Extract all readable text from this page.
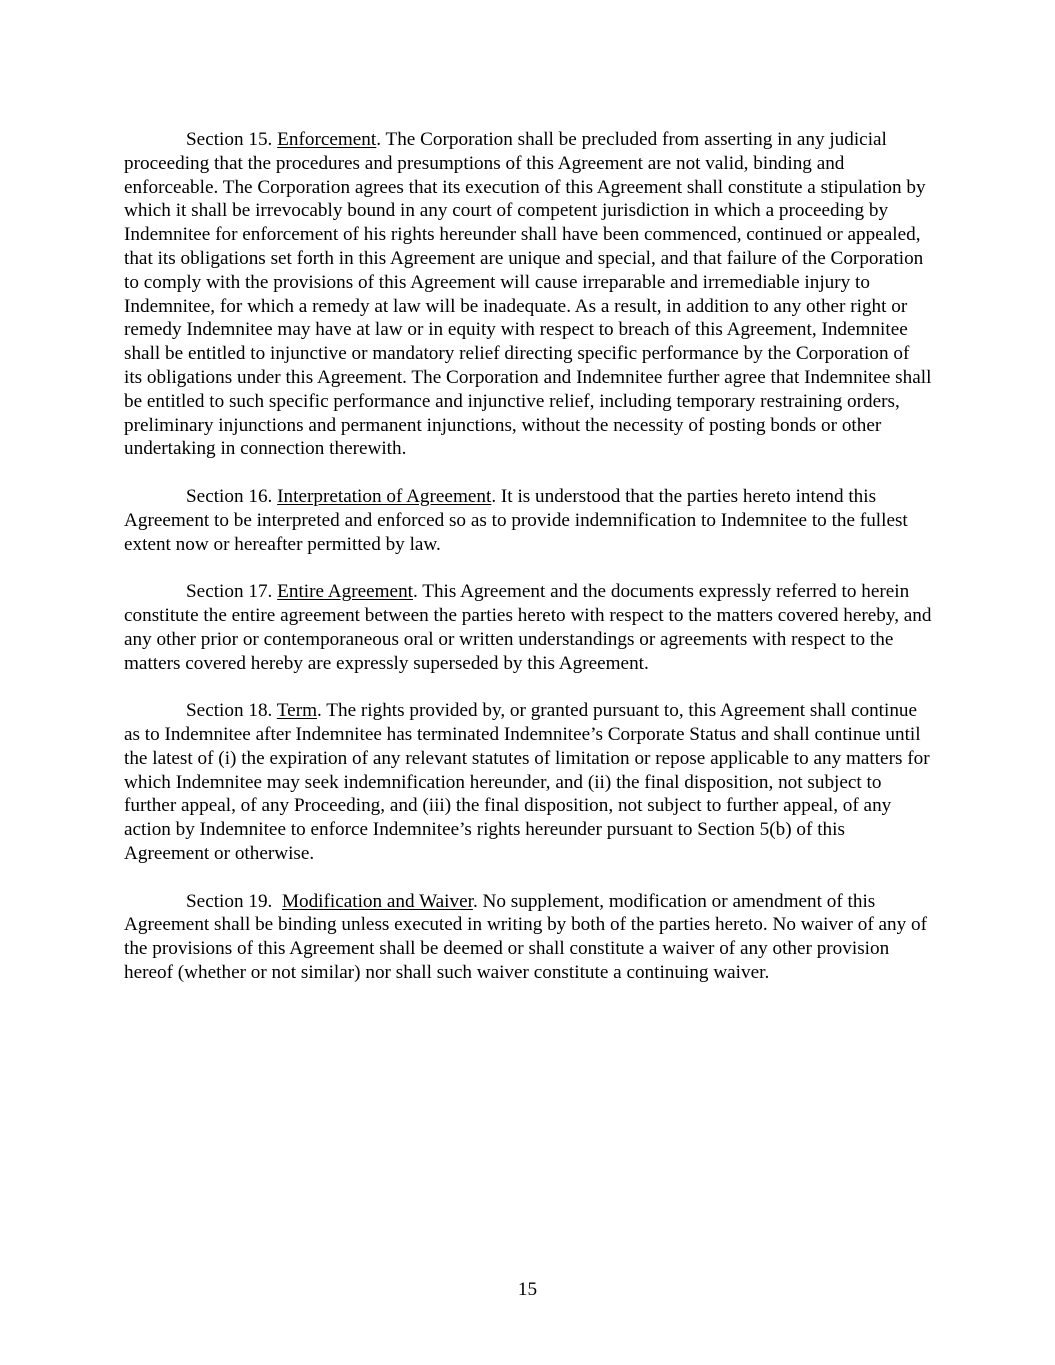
Section 15. Enforcement. The Corporation shall be precluded from asserting in any judicial proceeding that the procedures and presumptions of this Agreement are not valid, binding and enforceable. The Corporation agrees that its execution of this Agreement shall constitute a stipulation by which it shall be irrevocably bound in any court of competent jurisdiction in which a proceeding by Indemnitee for enforcement of his rights hereunder shall have been commenced, continued or appealed, that its obligations set forth in this Agreement are unique and special, and that failure of the Corporation to comply with the provisions of this Agreement will cause irreparable and irremediable injury to Indemnitee, for which a remedy at law will be inadequate. As a result, in addition to any other right or remedy Indemnitee may have at law or in equity with respect to breach of this Agreement, Indemnitee shall be entitled to injunctive or mandatory relief directing specific performance by the Corporation of its obligations under this Agreement. The Corporation and Indemnitee further agree that Indemnitee shall be entitled to such specific performance and injunctive relief, including temporary restraining orders, preliminary injunctions and permanent injunctions, without the necessity of posting bonds or other undertaking in connection therewith.

Section 16. Interpretation of Agreement. It is understood that the parties hereto intend this Agreement to be interpreted and enforced so as to provide indemnification to Indemnitee to the fullest extent now or hereafter permitted by law.

Section 17. Entire Agreement. This Agreement and the documents expressly referred to herein constitute the entire agreement between the parties hereto with respect to the matters covered hereby, and any other prior or contemporaneous oral or written understandings or agreements with respect to the matters covered hereby are expressly superseded by this Agreement.

Section 18. Term. The rights provided by, or granted pursuant to, this Agreement shall continue as to Indemnitee after Indemnitee has terminated Indemnitee’s Corporate Status and shall continue until the latest of (i) the expiration of any relevant statutes of limitation or repose applicable to any matters for which Indemnitee may seek indemnification hereunder, and (ii) the final disposition, not subject to further appeal, of any Proceeding, and (iii) the final disposition, not subject to further appeal, of any action by Indemnitee to enforce Indemnitee’s rights hereunder pursuant to Section 5(b) of this Agreement or otherwise.

Section 19.  Modification and Waiver. No supplement, modification or amendment of this Agreement shall be binding unless executed in writing by both of the parties hereto. No waiver of any of the provisions of this Agreement shall be deemed or shall constitute a waiver of any other provision hereof (whether or not similar) nor shall such waiver constitute a continuing waiver.

15
